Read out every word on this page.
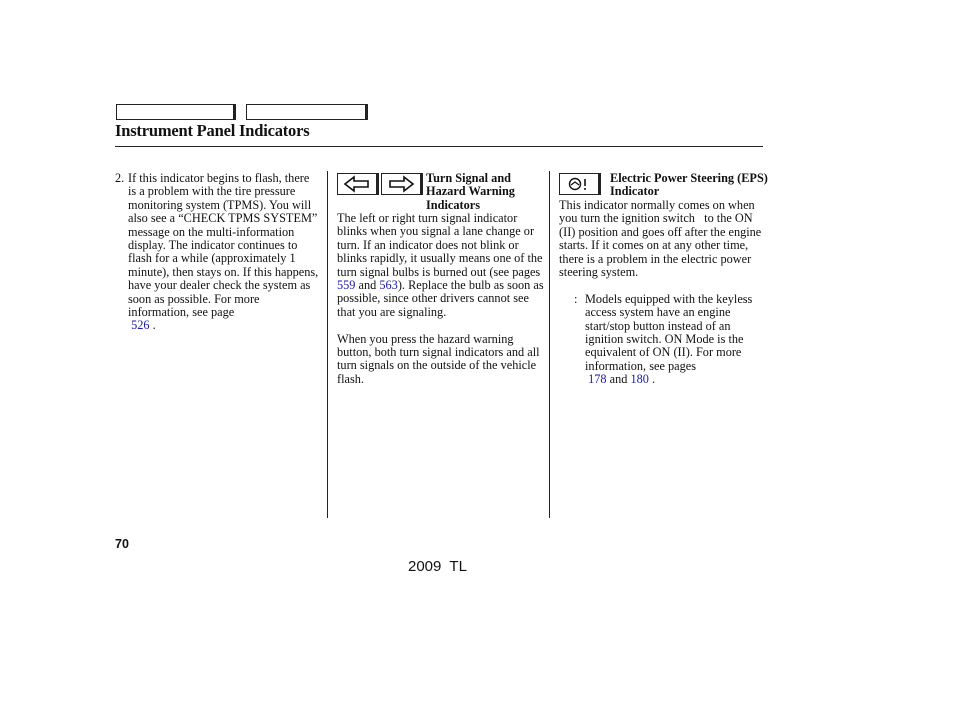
Instrument Panel Indicators
2. If this indicator begins to flash, there is a problem with the tire pressure monitoring system (TPMS). You will also see a “CHECK TPMS SYSTEM” message on the multi-information display. The indicator continues to flash for a while (approximately 1 minute), then stays on. If this happens, have your dealer check the system as soon as possible. For more information, see page
526 .
Turn Signal and Hazard Warning Indicators

The left or right turn signal indicator blinks when you signal a lane change or turn. If an indicator does not blink or blinks rapidly, it usually means one of the turn signal bulbs is burned out (see pages 559 and 563). Replace the bulb as soon as possible, since other drivers cannot see that you are signaling.

When you press the hazard warning button, both turn signal indicators and all turn signals on the outside of the vehicle flash.

Electric Power Steering (EPS) Indicator

This indicator normally comes on when you turn the ignition switch   to the ON (II) position and goes off after the engine starts. If it comes on at any other time, there is a problem in the electric power steering system.

: Models equipped with the keyless access system have an engine start/stop button instead of an ignition switch. ON Mode is the equivalent of ON (II). For more information, see pages
178 and 180 .

70
2009  TL
